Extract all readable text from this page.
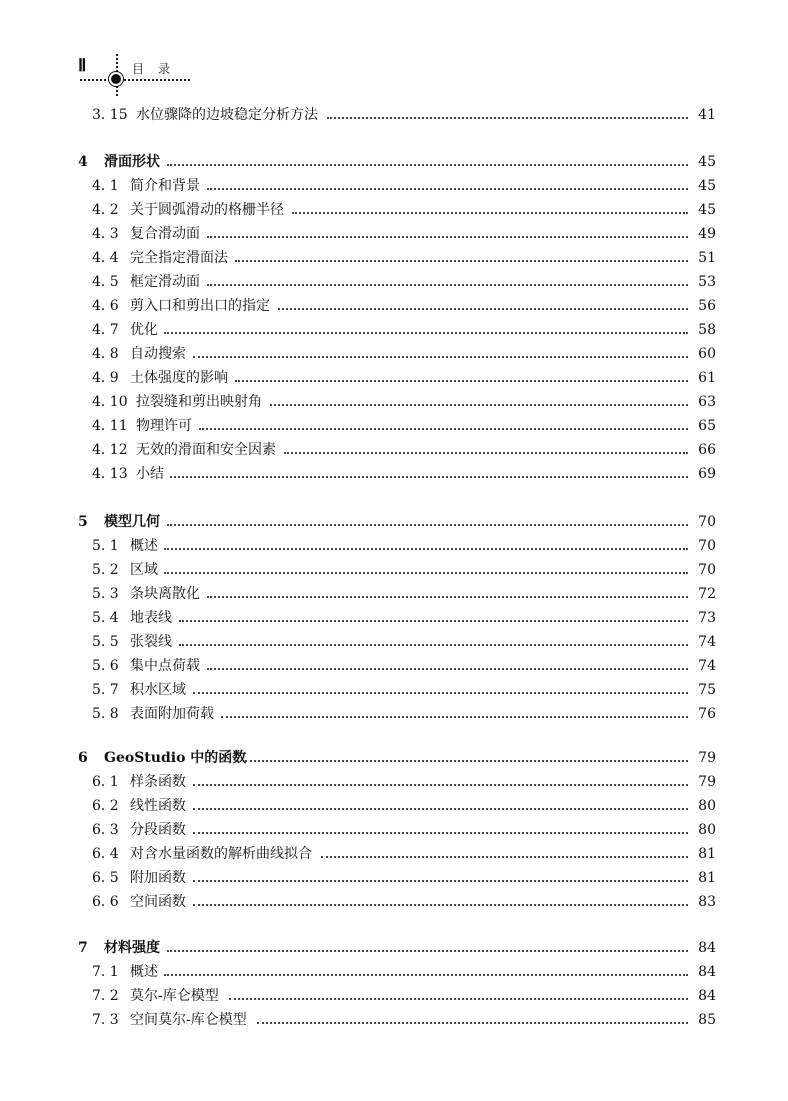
Ⅱ	目录
3. 15 水位骤降的边坡稳定分析方法	41
4 滑面形状	45
4. 1 简介和背景	45
4. 2 关于圆弧滑动的格栅半径	45
4. 3 复合滑动面	49
4. 4 完全指定滑面法	51
4. 5 框定滑动面	53
4. 6 剪入口和剪出口的指定	56
4. 7 优化	58
4. 8 自动搜索	60
4. 9 土体强度的影响	61
4. 10 拉裂缝和剪出映射角	63
4. 11 物理许可	65
4. 12 无效的滑面和安全因素	66
4. 13 小结	69
5 模型几何	70
5. 1 概述	70
5. 2 区域	70
5. 3 条块离散化	72
5. 4 地表线	73
5. 5 张裂线	74
5. 6 集中点荷载	74
5. 7 积水区域	75
5. 8 表面附加荷载	76
6 GeoStudio 中的函数	79
6. 1 样条函数	79
6. 2 线性函数	80
6. 3 分段函数	80
6. 4 对含水量函数的解析曲线拟合	81
6. 5 附加函数	81
6. 6 空间函数	83
7 材料强度	84
7. 1 概述	84
7. 2 莫尔-库仑模型	84
7. 3 空间莫尔-库仑模型	85
